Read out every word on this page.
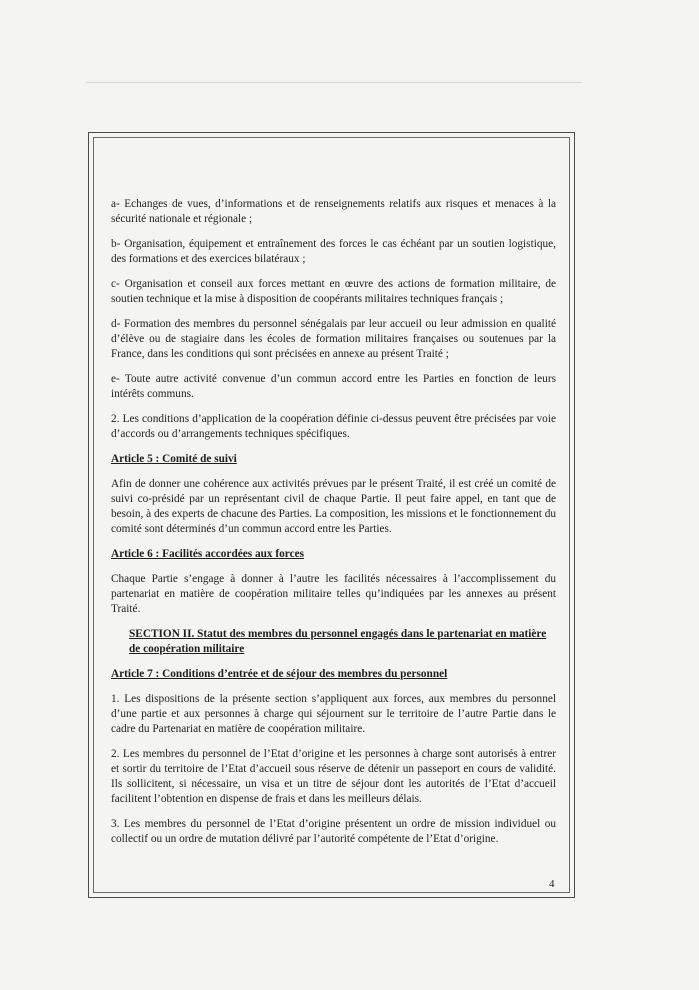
a- Echanges de vues, d’informations et de renseignements relatifs aux risques et menaces à la sécurité nationale et régionale ;

b- Organisation, équipement et entraînement des forces le cas échéant par un soutien logistique, des formations et des exercices bilatéraux ;

c- Organisation et conseil aux forces mettant en œuvre des actions de formation militaire, de soutien technique et la mise à disposition de coopérants militaires techniques français ;

d- Formation des membres du personnel sénégalais par leur accueil ou leur admission en qualité d’élève ou de stagiaire dans les écoles de formation militaires françaises ou soutenues par la France, dans les conditions qui sont précisées en annexe au présent Traité ;

e- Toute autre activité convenue d’un commun accord entre les Parties en fonction de leurs intérêts communs.

2. Les conditions d’application de la coopération définie ci-dessus peuvent être précisées par voie d’accords ou d’arrangements techniques spécifiques.

Article 5 : Comité de suivi

Afin de donner une cohérence aux activités prévues par le présent Traité, il est créé un comité de suivi co-présidé par un représentant civil de chaque Partie. Il peut faire appel, en tant que de besoin, à des experts de chacune des Parties. La composition, les missions et le fonctionnement du comité sont déterminés d’un commun accord entre les Parties.

Article 6 : Facilités accordées aux forces

Chaque Partie s’engage à donner à l’autre les facilités nécessaires à l’accomplissement du partenariat en matière de coopération militaire telles qu’indiquées par les annexes au présent Traité.

SECTION II. Statut des membres du personnel engagés dans le partenariat en matière de coopération militaire

Article 7 : Conditions d’entrée et de séjour des membres du personnel

1. Les dispositions de la présente section s’appliquent aux forces, aux membres du personnel d’une partie et aux personnes à charge qui séjournent sur le territoire de l’autre Partie dans le cadre du Partenariat en matière de coopération militaire.

2. Les membres du personnel de l’Etat d’origine et les personnes à charge sont autorisés à entrer et sortir du territoire de l’Etat d’accueil sous réserve de détenir un passeport en cours de validité. Ils sollicitent, si nécessaire, un visa et un titre de séjour dont les autorités de l’Etat d’accueil facilitent l’obtention en dispense de frais et dans les meilleurs délais.

3. Les membres du personnel de l’Etat d’origine présentent un ordre de mission individuel ou collectif ou un ordre de mutation délivré par l’autorité compétente de l’Etat d’origine.

4
